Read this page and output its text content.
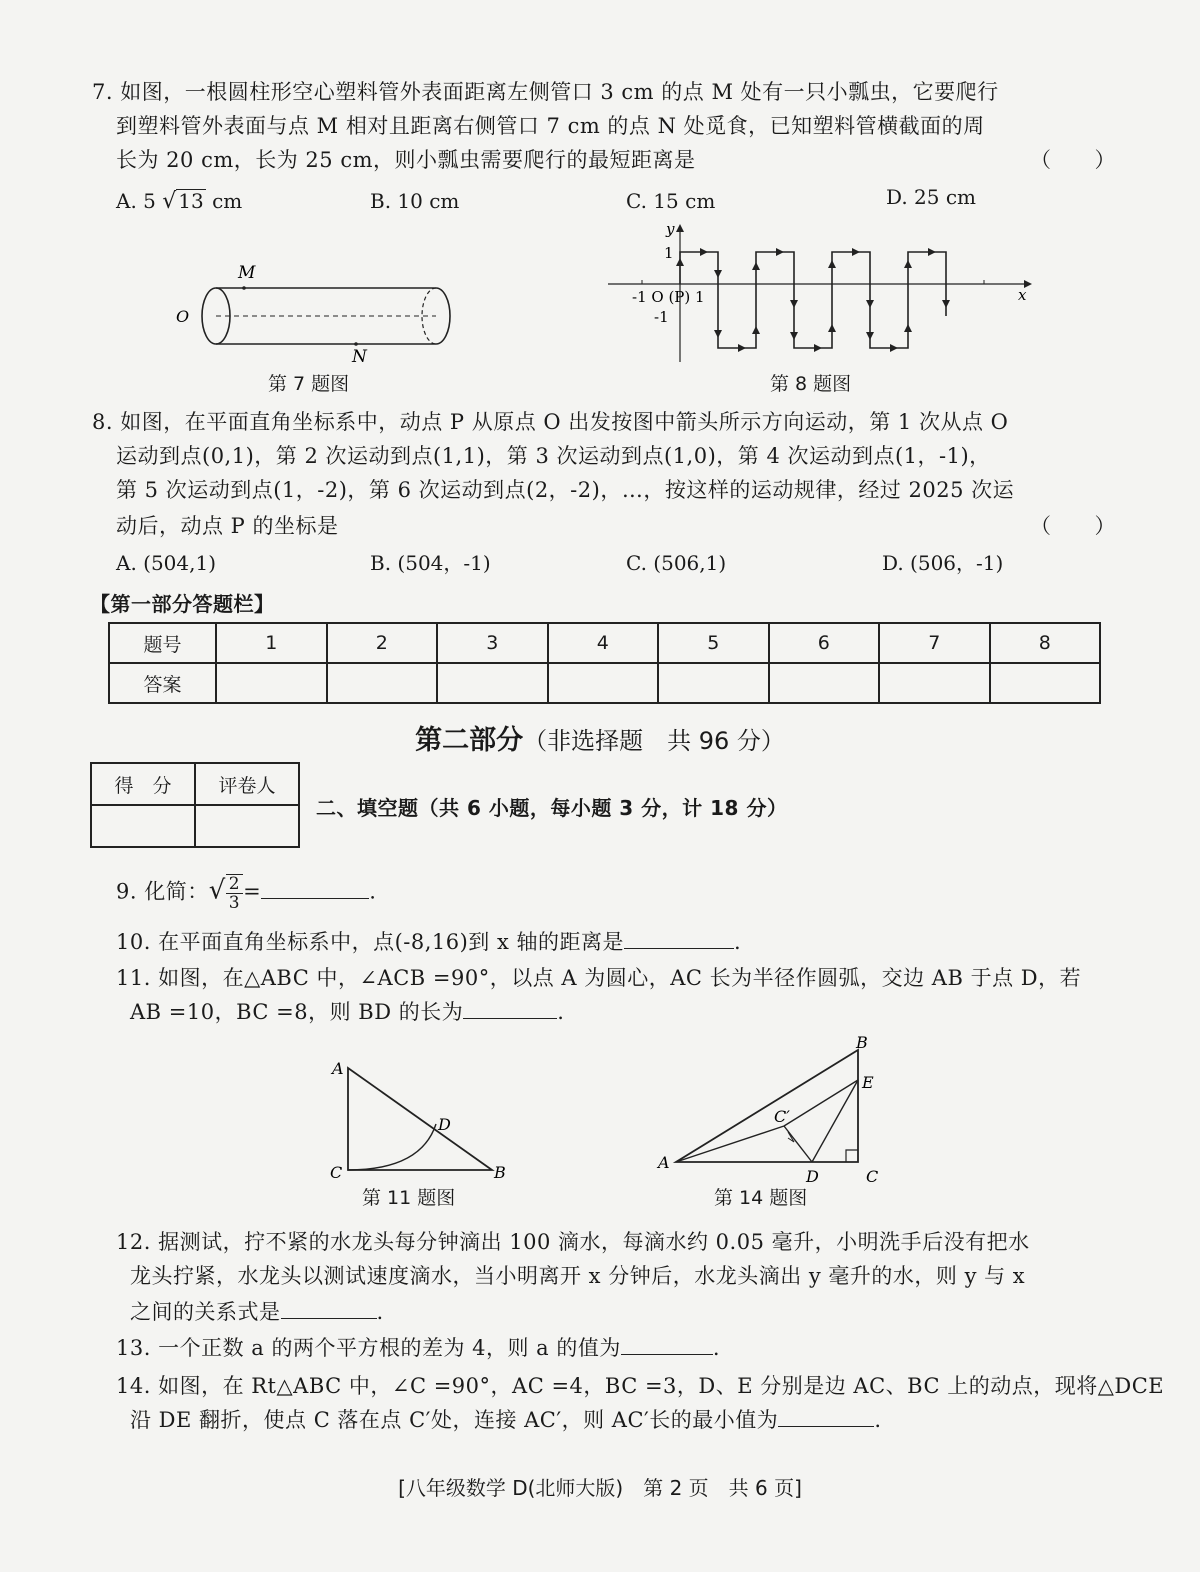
7. 如图，一根圆柱形空心塑料管外表面距离左侧管口 3 cm 的点 M 处有一只小瓢虫，它要爬行
到塑料管外表面与点 M 相对且距离右侧管口 7 cm 的点 N 处觅食，已知塑料管横截面的周
长为 20 cm，长为 25 cm，则小瓢虫需要爬行的最短距离是	（　　）
A. 5 √ 13 cm	B. 10 cm	C. 15 cm	D. 25 cm
M
N
O
第 7 题图
y
x
1
-1
-1 O (P) 1
第 8 题图
8. 如图，在平面直角坐标系中，动点 P 从原点 O 出发按图中箭头所示方向运动，第 1 次从点 O
运动到点(0,1)，第 2 次运动到点(1,1)，第 3 次运动到点(1,0)，第 4 次运动到点(1，-1)，
第 5 次运动到点(1，-2)，第 6 次运动到点(2，-2)，…，按这样的运动规律，经过 2025 次运
动后，动点 P 的坐标是	（　　）
A. (504,1)	B. (504，-1)	C. (506,1)	D. (506，-1)
【第一部分答题栏】
题号	1	2	3	4	5	6	7	8
答案								
第二部分（非选择题　共 96 分）
得　分	评卷人

二、填空题（共 6 小题，每小题 3 分，计 18 分）
9. 化简：√ $\frac{2}{3}$ =	.
10. 在平面直角坐标系中，点(-8,16)到 x 轴的距离是	.
11. 如图，在△ABC 中，∠ACB =90°，以点 A 为圆心，AC 长为半径作圆弧，交边 AB 于点 D，若
AB =10，BC =8，则 BD 的长为	.
A
C	B
D
第 11 题图
B
E
C′
A
D	C
第 14 题图
12. 据测试，拧不紧的水龙头每分钟滴出 100 滴水，每滴水约 0.05 毫升，小明洗手后没有把水
龙头拧紧，水龙头以测试速度滴水，当小明离开 x 分钟后，水龙头滴出 y 毫升的水，则 y 与 x
之间的关系式是	.
13. 一个正数 a 的两个平方根的差为 4，则 a 的值为	.
14. 如图，在 Rt△ABC 中，∠C =90°，AC =4，BC =3，D、E 分别是边 AC、BC 上的动点，现将△DCE
沿 DE 翻折，使点 C 落在点 C′处，连接 AC′，则 AC′长的最小值为	.
[八年级数学 D(北师大版)　第 2 页　共 6 页]
